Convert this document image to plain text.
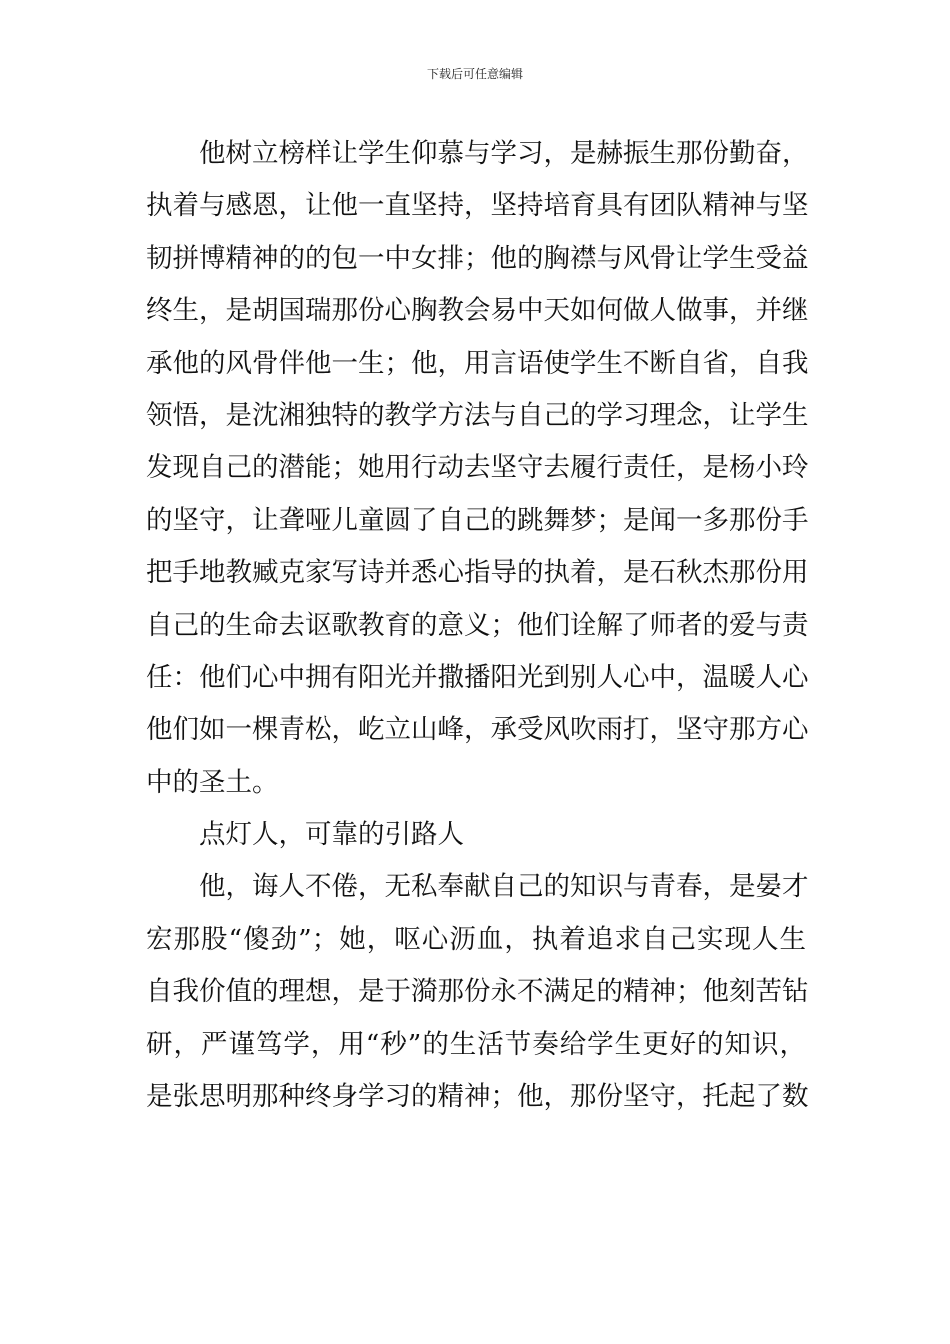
下载后可任意编辑
他树立榜样让学生仰慕与学习，是赫振生那份勤奋，
执着与感恩，让他一直坚持，坚持培育具有团队精神与坚
韧拼博精神的的包一中女排；他的胸襟与风骨让学生受益
终生，是胡国瑞那份心胸教会易中天如何做人做事，并继
承他的风骨伴他一生；他，用言语使学生不断自省，自我
领悟，是沈湘独特的教学方法与自己的学习理念，让学生
发现自己的潜能；她用行动去坚守去履行责任，是杨小玲
的坚守，让聋哑儿童圆了自己的跳舞梦；是闻一多那份手
把手地教臧克家写诗并悉心指导的执着，是石秋杰那份用
自己的生命去讴歌教育的意义；他们诠解了师者的爱与责
任：他们心中拥有阳光并撒播阳光到别人心中，温暖人心
他们如一棵青松，屹立山峰，承受风吹雨打，坚守那方心
中的圣土。
点灯人，可靠的引路人
他，诲人不倦，无私奉献自己的知识与青春，是晏才
宏那股“傻劲”；她，呕心沥血，执着追求自己实现人生
自我价值的理想，是于漪那份永不满足的精神；他刻苦钻
研，严谨笃学，用“秒”的生活节奏给学生更好的知识，
是张思明那种终身学习的精神；他，那份坚守，托起了数
